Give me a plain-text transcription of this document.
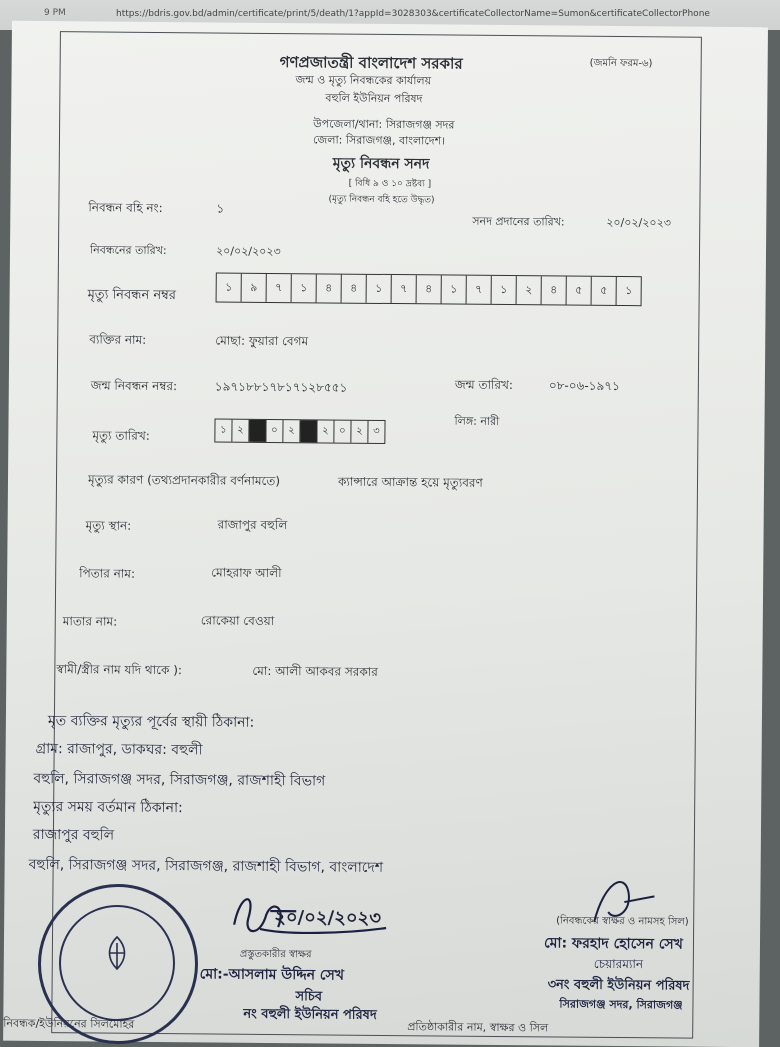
9 PM	https://bdris.gov.bd/admin/certificate/print/5/death/1?appId=3028303&certificateCollectorName=Sumon&certificateCollectorPhone
গণপ্রজাতন্ত্রী বাংলাদেশ সরকার	(জমনি ফরম-৬)
জন্ম ও মৃত্যু নিবন্ধকের কার্যালয়
বহুলি ইউনিয়ন পরিষদ
উপজেলা/থানা: সিরাজগঞ্জ সদর
জেলা: সিরাজগঞ্জ, বাংলাদেশ।
মৃত্যু নিবন্ধন সনদ
[ বিধি ৯ ও ১০ দ্রষ্টব্য ]
(মৃত্যু নিবন্ধন বহি হতে উদ্ধৃত)
নিবন্ধন বহি নং:	১
সনদ প্রদানের তারিখ:	২০/০২/২০২৩
নিবন্ধনের তারিখ:	২০/০২/২০২৩
মৃত্যু নিবন্ধন নম্বর
১	৯	৭	১	৪	৪	১	৭	৪	১	৭	১	২	৪	৫	৫	১
ব্যক্তির নাম:	মোছা: ফুয়ারা বেগম
জন্ম নিবন্ধন নম্বর:	১৯৭১৮৮১৭৮১৭১২৮৫৫১	জন্ম তারিখ:	০৮-০৬-১৯৭১
লিঙ্গ: নারী
মৃত্যু তারিখ:	১	২	০	২	২	০	২	৩
মৃত্যুর কারণ (তথ্যপ্রদানকারীর বর্ণনামতে)	ক্যান্সারে আক্রান্ত হয়ে মৃত্যুবরণ
মৃত্যু স্থান:	রাজাপুর বহুলি
পিতার নাম:	মোহরাফ আলী
মাতার নাম:	রোকেয়া বেওয়া
স্বামী/স্ত্রীর নাম যদি থাকে ):	মো: আলী আকবর সরকার
মৃত ব্যক্তির মৃত্যুর পূর্বের স্থায়ী ঠিকানা:
গ্রাম: রাজাপুর, ডাকঘর: বহুলী
বহুলি, সিরাজগঞ্জ সদর, সিরাজগঞ্জ, রাজশাহী বিভাগ
মৃত্যুর সময় বর্তমান ঠিকানা:
রাজাপুর বহুলি
বহুলি, সিরাজগঞ্জ সদর, সিরাজগঞ্জ, রাজশাহী বিভাগ, বাংলাদেশ
২০/০২/২০২৩
প্রস্তুতকারীর স্বাক্ষর
মো:-আসলাম উদ্দিন সেখ
সচিব
নং বহুলী ইউনিয়ন পরিষদ
(নিবন্ধকের স্বাক্ষর ও নামসহ সিল)
মো: ফরহাদ হোসেন সেখ
চেয়ারম্যান
৩নং বহুলী ইউনিয়ন পরিষদ
সিরাজগঞ্জ সদর, সিরাজগঞ্জ
নিবন্ধক/ইউনিয়নের সিলমোহর	প্রতিষ্ঠাকারীর নাম, স্বাক্ষর ও সিল
